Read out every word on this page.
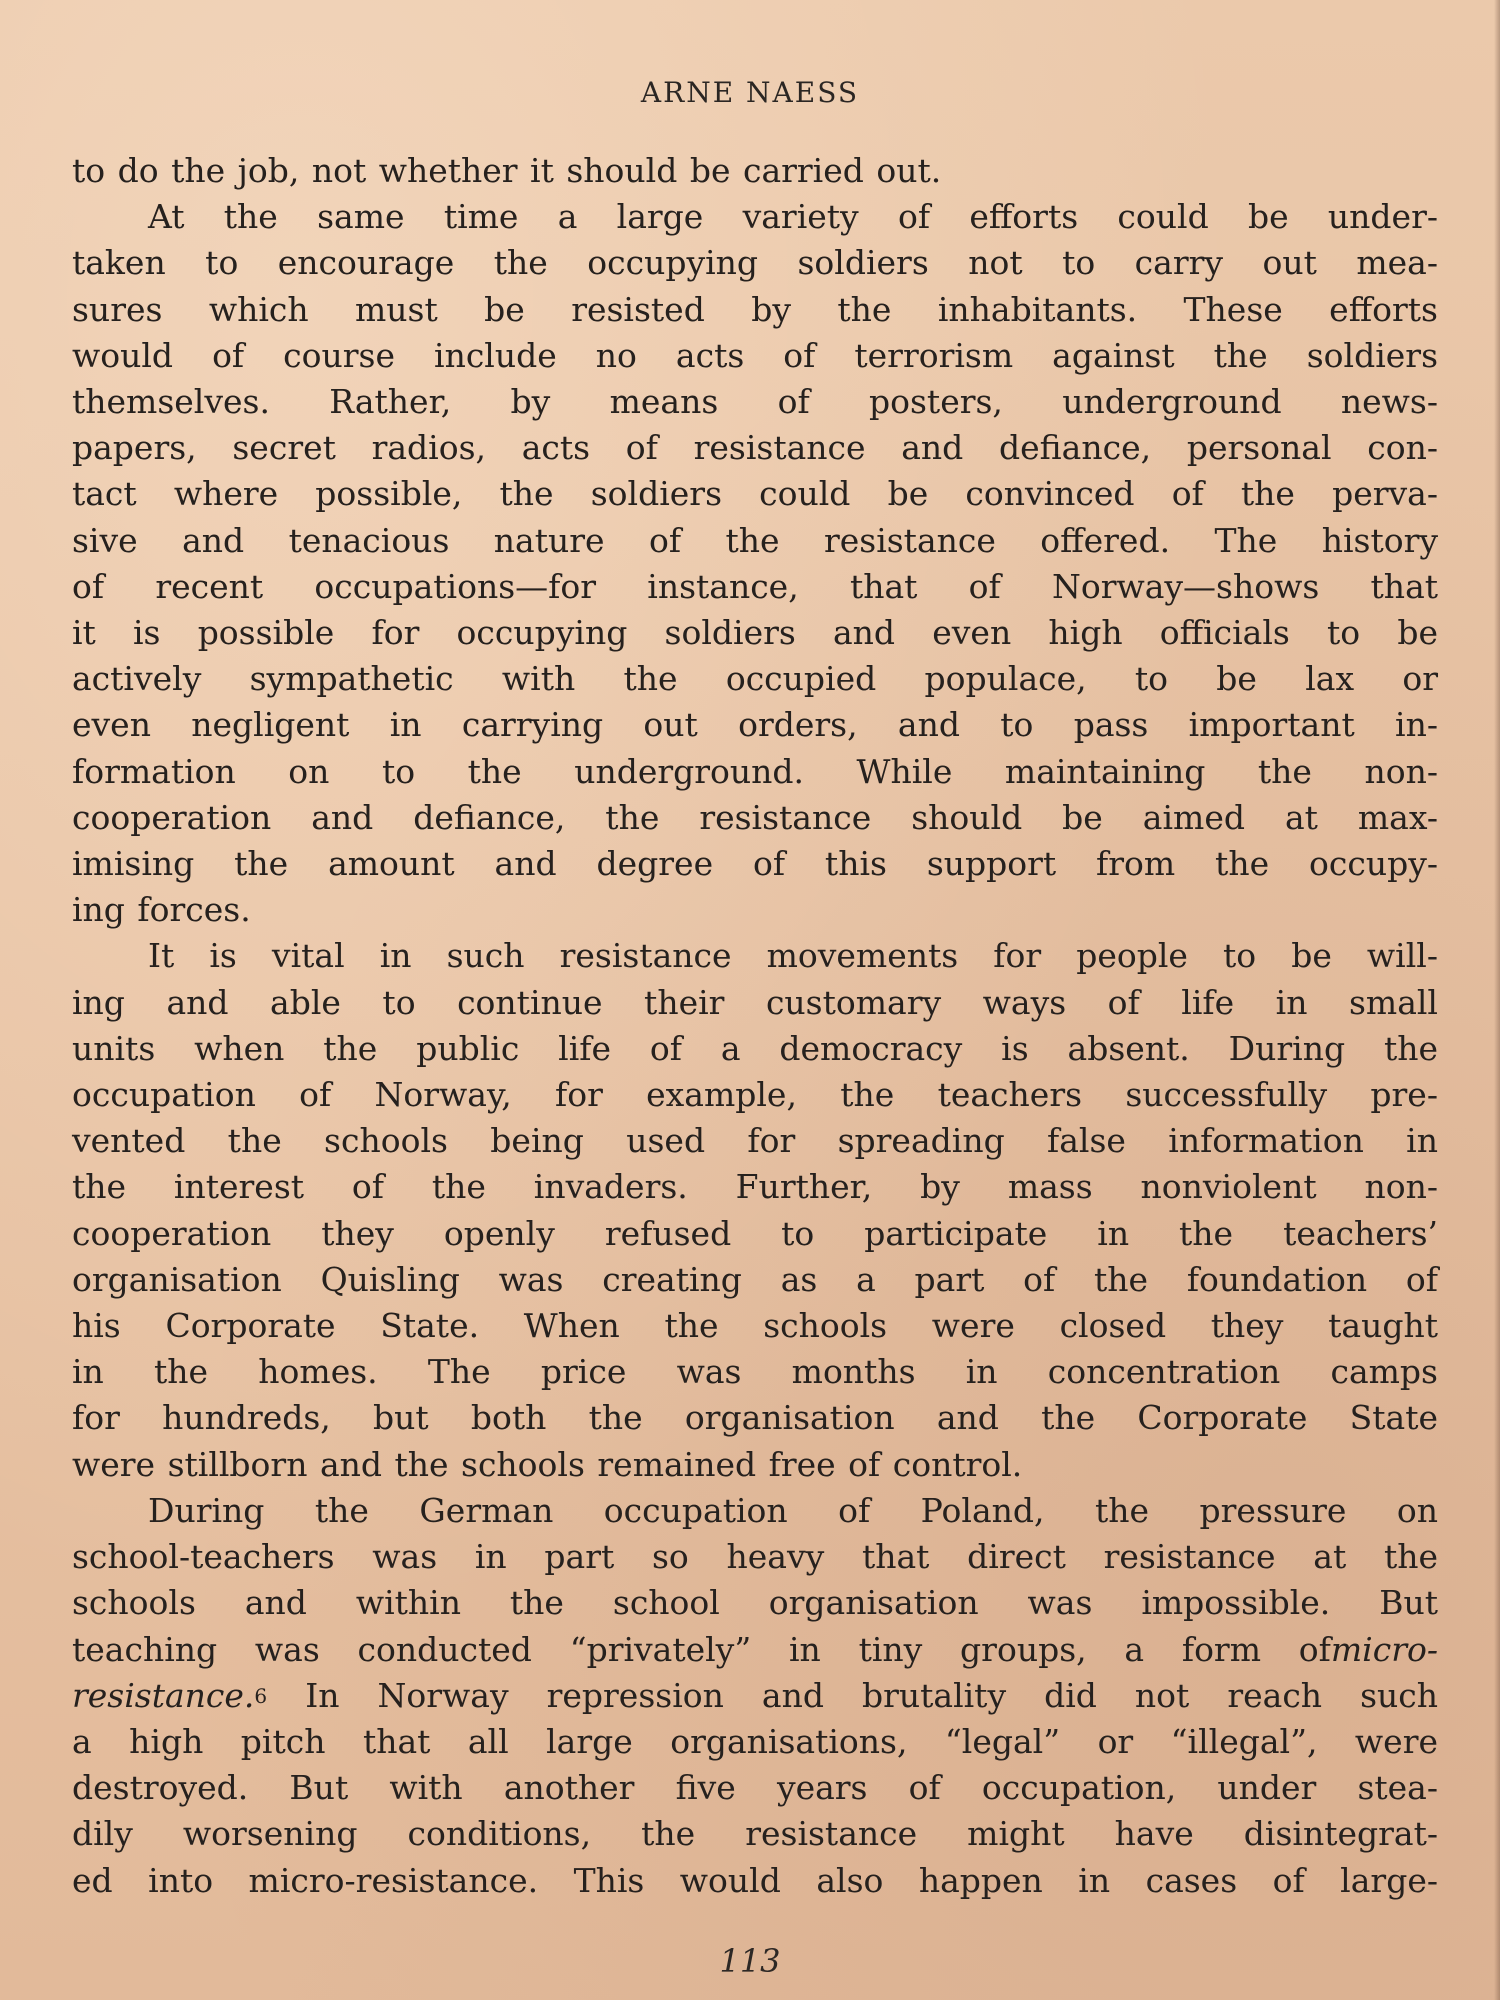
ARNE NAESS

to do the job, not whether it should be carried out.

At the same time a large variety of efforts could be under-

taken to encourage the occupying soldiers not to carry out mea-

sures which must be resisted by the inhabitants. These efforts

would of course include no acts of terrorism against the soldiers

themselves. Rather, by means of posters, underground news-

papers, secret radios, acts of resistance and defiance, personal con-

tact where possible, the soldiers could be convinced of the perva-

sive and tenacious nature of the resistance offered. The history

of recent occupations—for instance, that of Norway—shows that

it is possible for occupying soldiers and even high officials to be

actively sympathetic with the occupied populace, to be lax or

even negligent in carrying out orders, and to pass important in-

formation on to the underground. While maintaining the non-

cooperation and defiance, the resistance should be aimed at max-

imising the amount and degree of this support from the occupy-

ing forces.

It is vital in such resistance movements for people to be will-

ing and able to continue their customary ways of life in small

units when the public life of a democracy is absent. During the

occupation of Norway, for example, the teachers successfully pre-

vented the schools being used for spreading false information in

the interest of the invaders. Further, by mass nonviolent non-

cooperation they openly refused to participate in the teachers’

organisation Quisling was creating as a part of the foundation of

his Corporate State. When the schools were closed they taught

in the homes. The price was months in concentration camps

for hundreds, but both the organisation and the Corporate State

were stillborn and the schools remained free of control.

During the German occupation of Poland, the pressure on

school-teachers was in part so heavy that direct resistance at the

schools and within the school organisation was impossible. But

teaching was conducted “privately” in tiny groups, a form ofmicro-

resistance.$^6$ In Norway repression and brutality did not reach such

a high pitch that all large organisations, “legal” or “illegal”, were

destroyed. But with another five years of occupation, under stea-

dily worsening conditions, the resistance might have disintegrat-

ed into micro-resistance. This would also happen in cases of large-

113
